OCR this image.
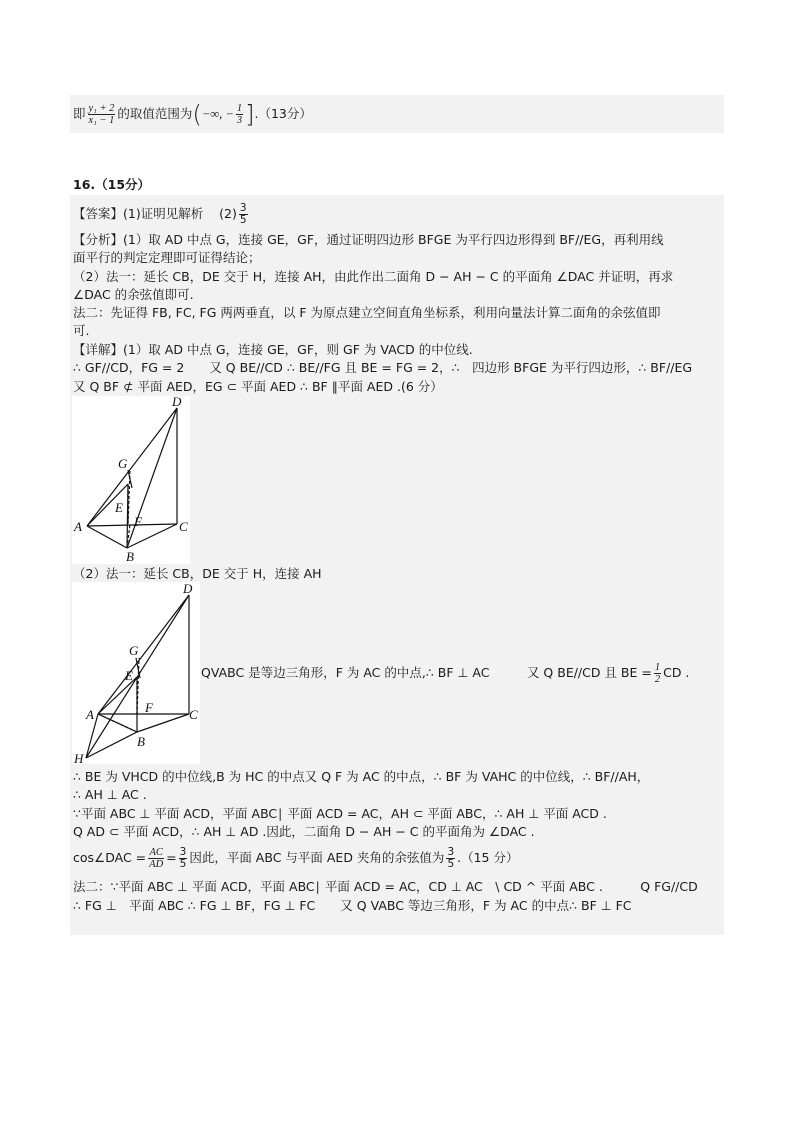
即 $\frac{\text{y₁ + 2}}{\text{x₁ − 1}}$ 的取值范围为(−∞, − $\frac{1}{3} ].(13$分）
16.（15分）
【答案】(1)证明见解析 $(2) \frac{3}{5}$
【分析】(1）取 AD 中点 G，连接 GE，GF，通过证明四边形 BFGE 为平行四边形得到 BF//EG，再利用线
面平行的判定定理即可证得结论；
（2）法一：延长 CB，DE 交于 H，连接 AH，由此作出二面角 D − AH − C 的平面角 ∠DAC 并证明，再求
∠DAC 的余弦值即可.
法二：先证得 FB, FC, FG 两两垂直，以 F 为原点建立空间直角坐标系，利用向量法计算二面角的余弦值即
可.
【详解】(1）取 AD 中点 G，连接 GE，GF，则 GF 为 VACD 的中位线.
∴ GF//CD，FG = 2　　又 Q BE//CD ∴ BE//FG 且 BE = FG = 2，∴　四边形 BFGE 为平行四边形，∴ BF//EG
又 Q BF ⊄ 平面 AED，EG ⊂ 平面 AED ∴ BF ∥平面 AED .(6 分）
D
G
E
F
A
B
C
（2）法一：延长 CB，DE 交于 H，连接 AH
D
G
E
F
A
B
C
H
QVABC 是等边三角形，F 为 AC 的中点,∴ BF ⊥ AC　　　	又 Q BE//CD 且 BE = $\frac{1}{2}$ CD .
∴ BE 为 VHCD 的中位线,B 为 HC 的中点又 Q F 为 AC 的中点，∴ BF 为 VAHC 的中位线，∴ BF//AH，
∴ AH ⊥ AC .
∵平面 ABC ⊥ 平面 ACD，平面 ABC∣ 平面 ACD = AC，AH ⊂ 平面 ABC，∴ AH ⊥ 平面 ACD .
Q AD ⊂ 平面 ACD，∴ AH ⊥ AD .因此，二面角 D − AH − C 的平面角为 ∠DAC .
cos∠DAC = $\frac{AC}{AD} = \frac{3}{5}$ 因此，平面 ABC 与平面 AED 夹角的余弦值为 $\frac{3}{5} .(15$ 分）
法二：∵平面 ABC ⊥ 平面 ACD，平面 ABC∣ 平面 ACD = AC，CD ⊥ AC　\ CD ^ 平面 ABC .　　　Q FG//CD
∴ FG ⊥　平面 ABC ∴ FG ⊥ BF，FG ⊥ FC　　又 Q VABC 等边三角形，F 为 AC 的中点∴ BF ⊥ FC
